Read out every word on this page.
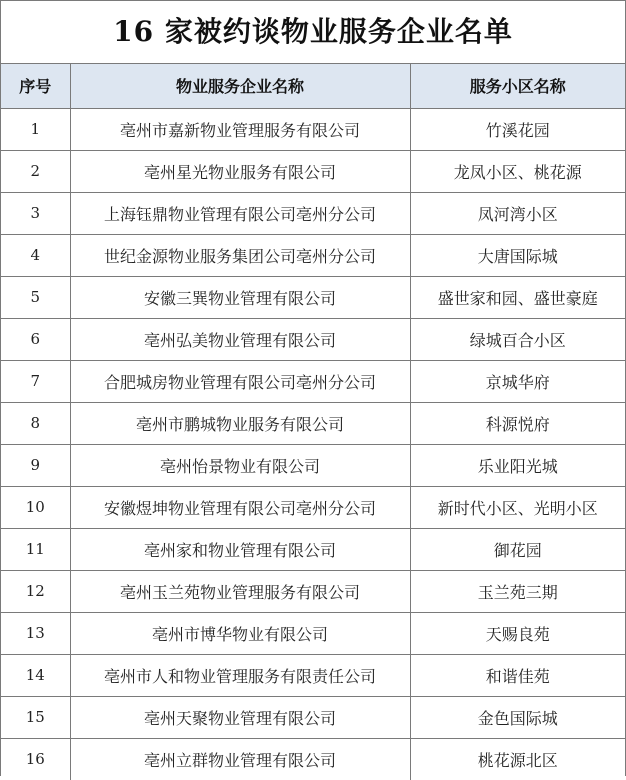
16 家被约谈物业服务企业名单
序号	物业服务企业名称	服务小区名称
1	亳州市嘉新物业管理服务有限公司	竹溪花园
2	亳州星光物业服务有限公司	龙凤小区、桃花源
3	上海钰鼎物业管理有限公司亳州分公司	凤河湾小区
4	世纪金源物业服务集团公司亳州分公司	大唐国际城
5	安徽三巽物业管理有限公司	盛世家和园、盛世豪庭
6	亳州弘美物业管理有限公司	绿城百合小区
7	合肥城房物业管理有限公司亳州分公司	京城华府
8	亳州市鹏城物业服务有限公司	科源悦府
9	亳州怡景物业有限公司	乐业阳光城
10	安徽煜坤物业管理有限公司亳州分公司	新时代小区、光明小区
11	亳州家和物业管理有限公司	御花园
12	亳州玉兰苑物业管理服务有限公司	玉兰苑三期
13	亳州市博华物业有限公司	天赐良苑
14	亳州市人和物业管理服务有限责任公司	和谐佳苑
15	亳州天聚物业管理有限公司	金色国际城
16	亳州立群物业管理有限公司	桃花源北区
